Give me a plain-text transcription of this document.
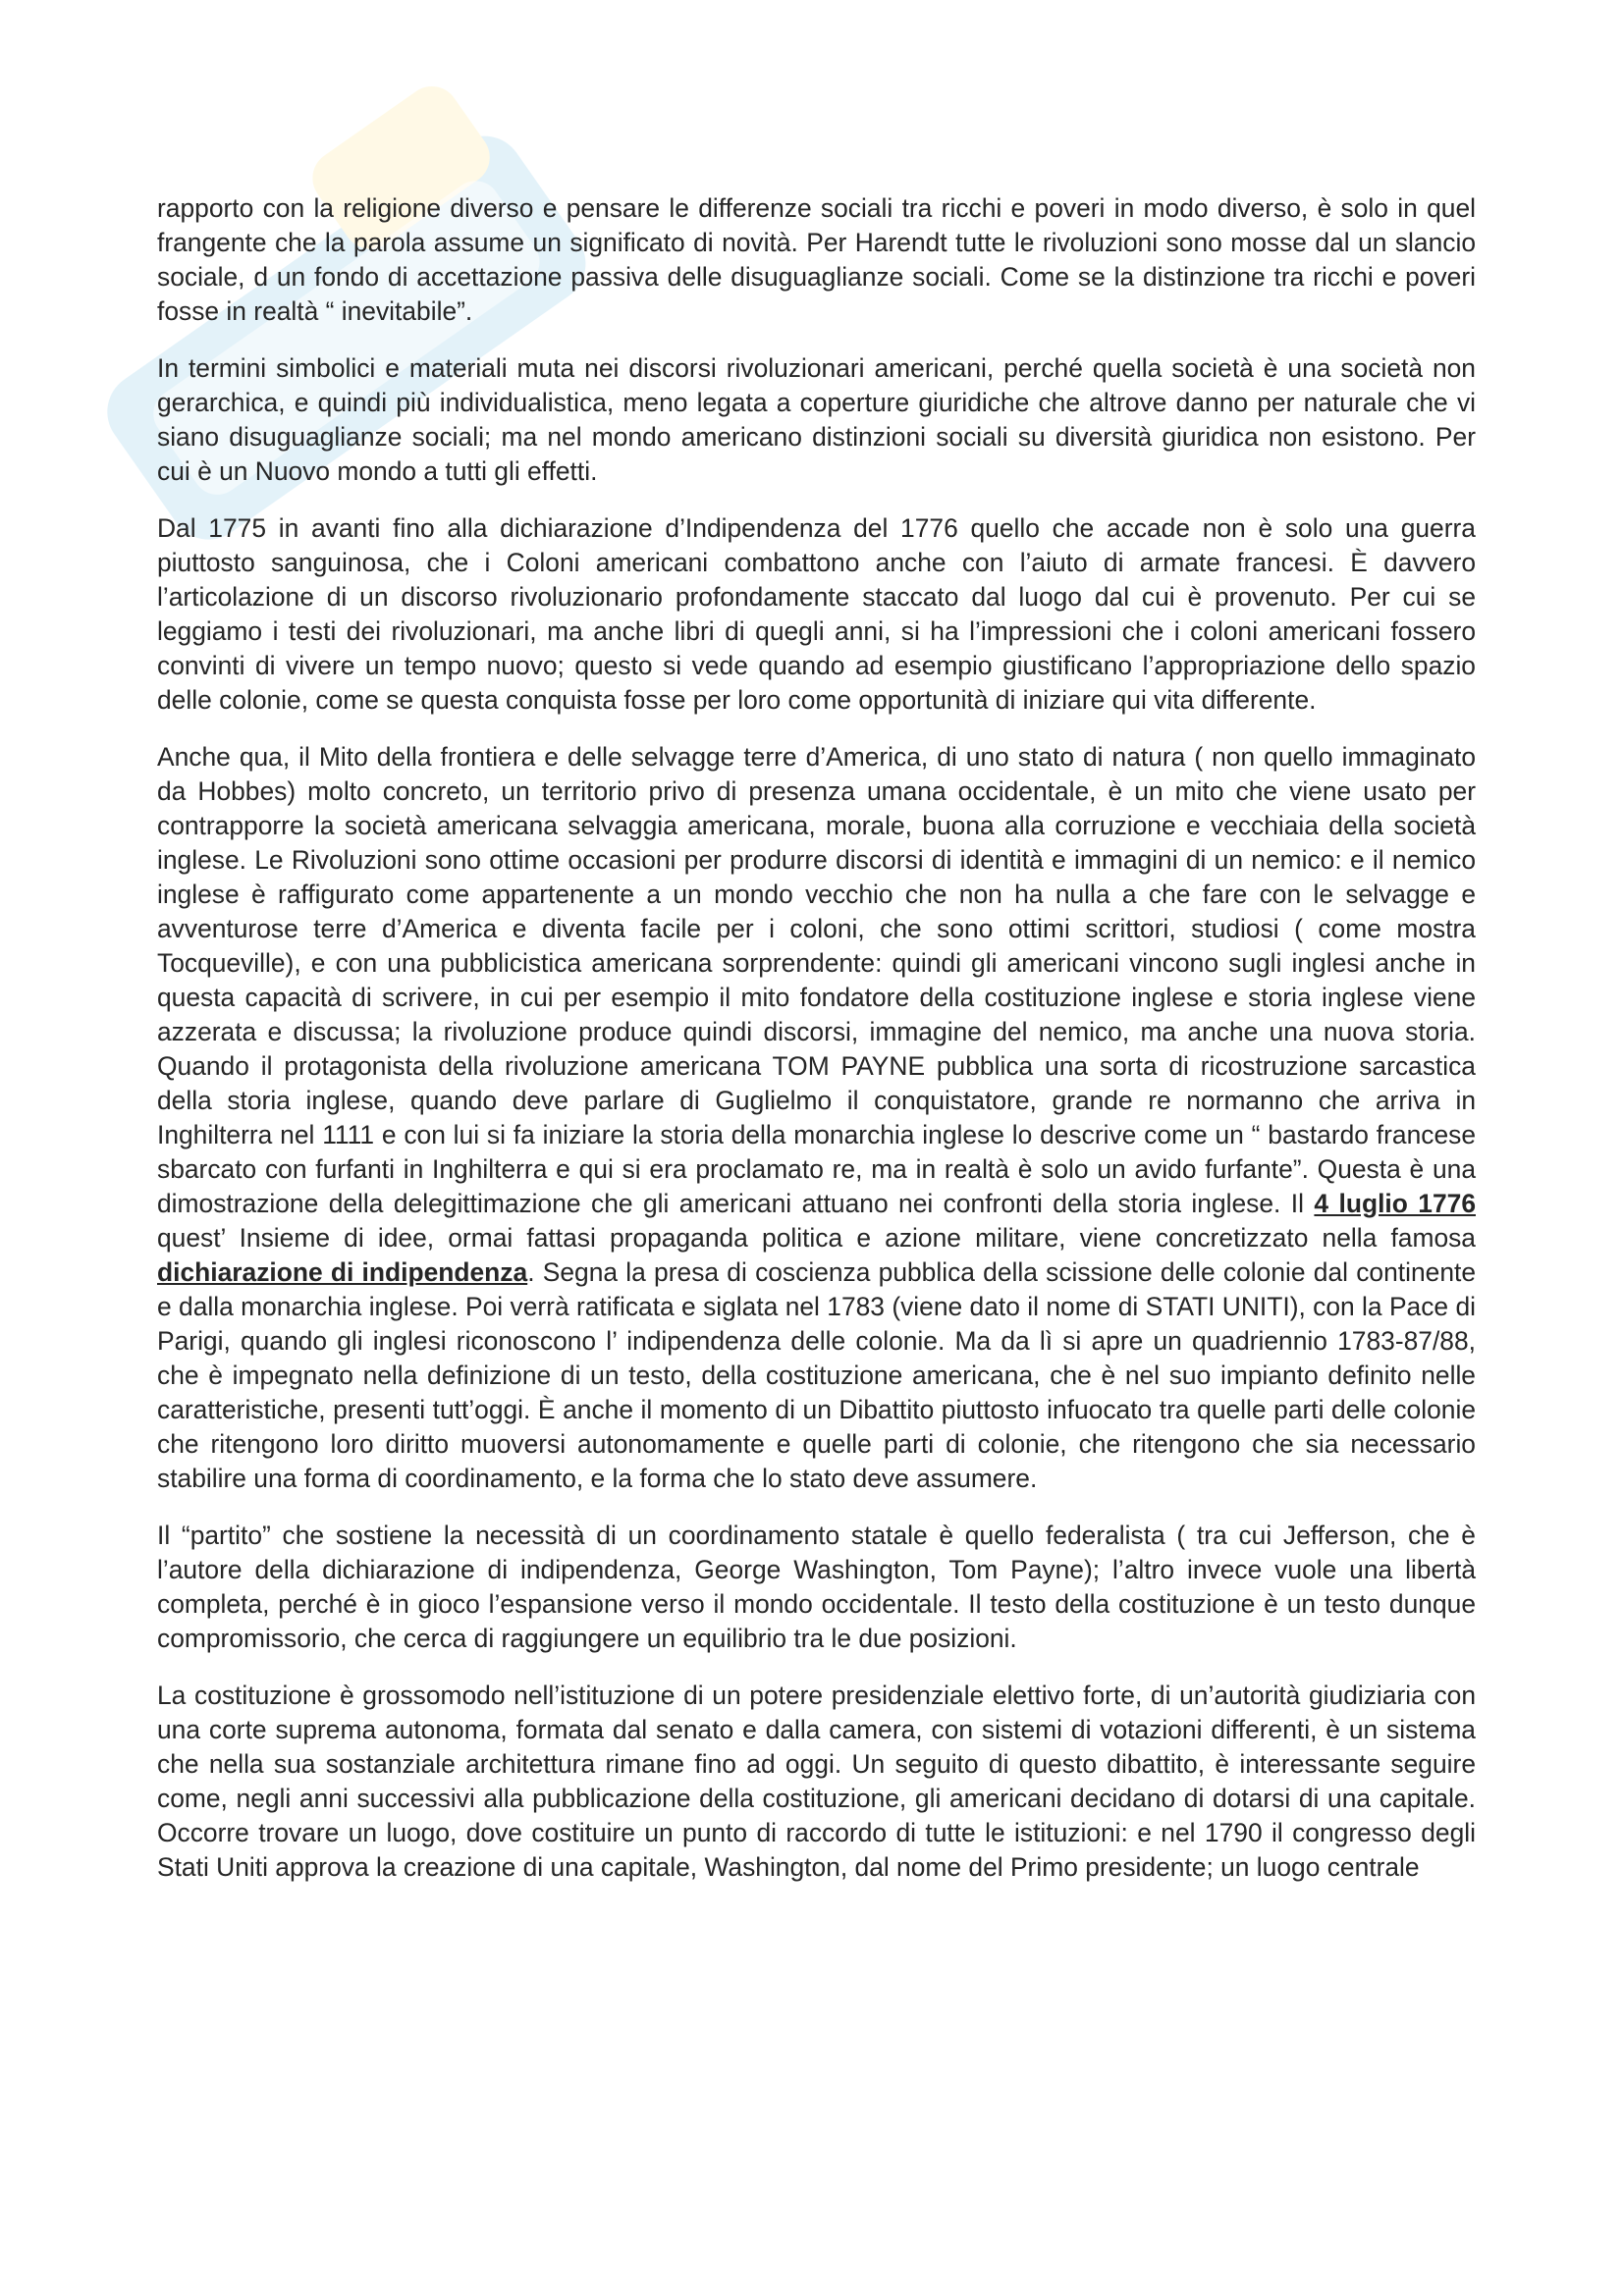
rapporto con la religione diverso e pensare le differenze sociali tra ricchi e poveri in modo diverso, è solo in quel frangente che la parola assume un significato di novità. Per Harendt tutte le rivoluzioni sono mosse dal un slancio sociale, d un fondo di accettazione passiva delle disuguaglianze sociali. Come se la distinzione tra ricchi e poveri fosse in realtà “ inevitabile”.

In termini simbolici e materiali muta nei discorsi rivoluzionari americani, perché quella società è una società non gerarchica, e quindi più individualistica, meno legata a coperture giuridiche che altrove danno per naturale che vi siano disuguaglianze sociali; ma nel mondo americano distinzioni sociali su diversità giuridica non esistono. Per cui è un Nuovo mondo a tutti gli effetti.

Dal 1775 in avanti fino alla dichiarazione d’Indipendenza del 1776 quello che accade non è solo una guerra piuttosto sanguinosa, che i Coloni americani combattono anche con l’aiuto di armate francesi. È davvero l’articolazione di un discorso rivoluzionario profondamente staccato dal luogo dal cui è provenuto. Per cui se leggiamo i testi dei rivoluzionari, ma anche libri di quegli anni, si ha l’impressioni che i coloni americani fossero convinti di vivere un tempo nuovo; questo si vede quando ad esempio giustificano l’appropriazione dello spazio delle colonie, come se questa conquista fosse per loro come opportunità di iniziare qui vita differente.

Anche qua, il Mito della frontiera e delle selvagge terre d’America, di uno stato di natura ( non quello immaginato da Hobbes) molto concreto, un territorio privo di presenza umana occidentale, è un mito che viene usato per contrapporre la società americana selvaggia americana, morale, buona alla corruzione e vecchiaia della società inglese. Le Rivoluzioni sono ottime occasioni per produrre discorsi di identità e immagini di un nemico: e il nemico inglese è raffigurato come appartenente a un mondo vecchio che non ha nulla a che fare con le selvagge e avventurose terre d’America e diventa facile per i coloni, che sono ottimi scrittori, studiosi ( come mostra Tocqueville), e con una pubblicistica americana sorprendente: quindi gli americani vincono sugli inglesi anche in questa capacità di scrivere, in cui per esempio il mito fondatore della costituzione inglese e storia inglese viene azzerata e discussa; la rivoluzione produce quindi discorsi, immagine del nemico, ma anche una nuova storia. Quando il protagonista della rivoluzione americana TOM PAYNE pubblica una sorta di ricostruzione sarcastica della storia inglese, quando deve parlare di Guglielmo il conquistatore, grande re normanno che arriva in Inghilterra nel 1111 e con lui si fa iniziare la storia della monarchia inglese lo descrive come un “ bastardo francese sbarcato con furfanti in Inghilterra e qui si era proclamato re, ma in realtà è solo un avido furfante”. Questa è una dimostrazione della delegittimazione che gli americani attuano nei confronti della storia inglese. Il 4 luglio 1776 quest’ Insieme di idee, ormai fattasi propaganda politica e azione militare, viene concretizzato nella famosa dichiarazione di indipendenza. Segna la presa di coscienza pubblica della scissione delle colonie dal continente e dalla monarchia inglese. Poi verrà ratificata e siglata nel 1783 (viene dato il nome di STATI UNITI), con la Pace di Parigi, quando gli inglesi riconoscono l’ indipendenza delle colonie. Ma da lì si apre un quadriennio 1783-87/88, che è impegnato nella definizione di un testo, della costituzione americana, che è nel suo impianto definito nelle caratteristiche, presenti tutt’oggi. È anche il momento di un Dibattito piuttosto infuocato tra quelle parti delle colonie che ritengono loro diritto muoversi autonomamente e quelle parti di colonie, che ritengono che sia necessario stabilire una forma di coordinamento, e la forma che lo stato deve assumere.

Il “partito” che sostiene la necessità di un coordinamento statale è quello federalista ( tra cui Jefferson, che è l’autore della dichiarazione di indipendenza, George Washington, Tom Payne); l’altro invece vuole una libertà completa, perché è in gioco l’espansione verso il mondo occidentale. Il testo della costituzione è un testo dunque compromissorio, che cerca di raggiungere un equilibrio tra le due posizioni.

La costituzione è grossomodo nell’istituzione di un potere presidenziale elettivo forte, di un’autorità giudiziaria con una corte suprema autonoma, formata dal senato e dalla camera, con sistemi di votazioni differenti, è un sistema che nella sua sostanziale architettura rimane fino ad oggi. Un seguito di questo dibattito, è interessante seguire come, negli anni successivi alla pubblicazione della costituzione, gli americani decidano di dotarsi di una capitale. Occorre trovare un luogo, dove costituire un punto di raccordo di tutte le istituzioni: e nel 1790 il congresso degli Stati Uniti approva la creazione di una capitale, Washington, dal nome del Primo presidente; un luogo centrale
